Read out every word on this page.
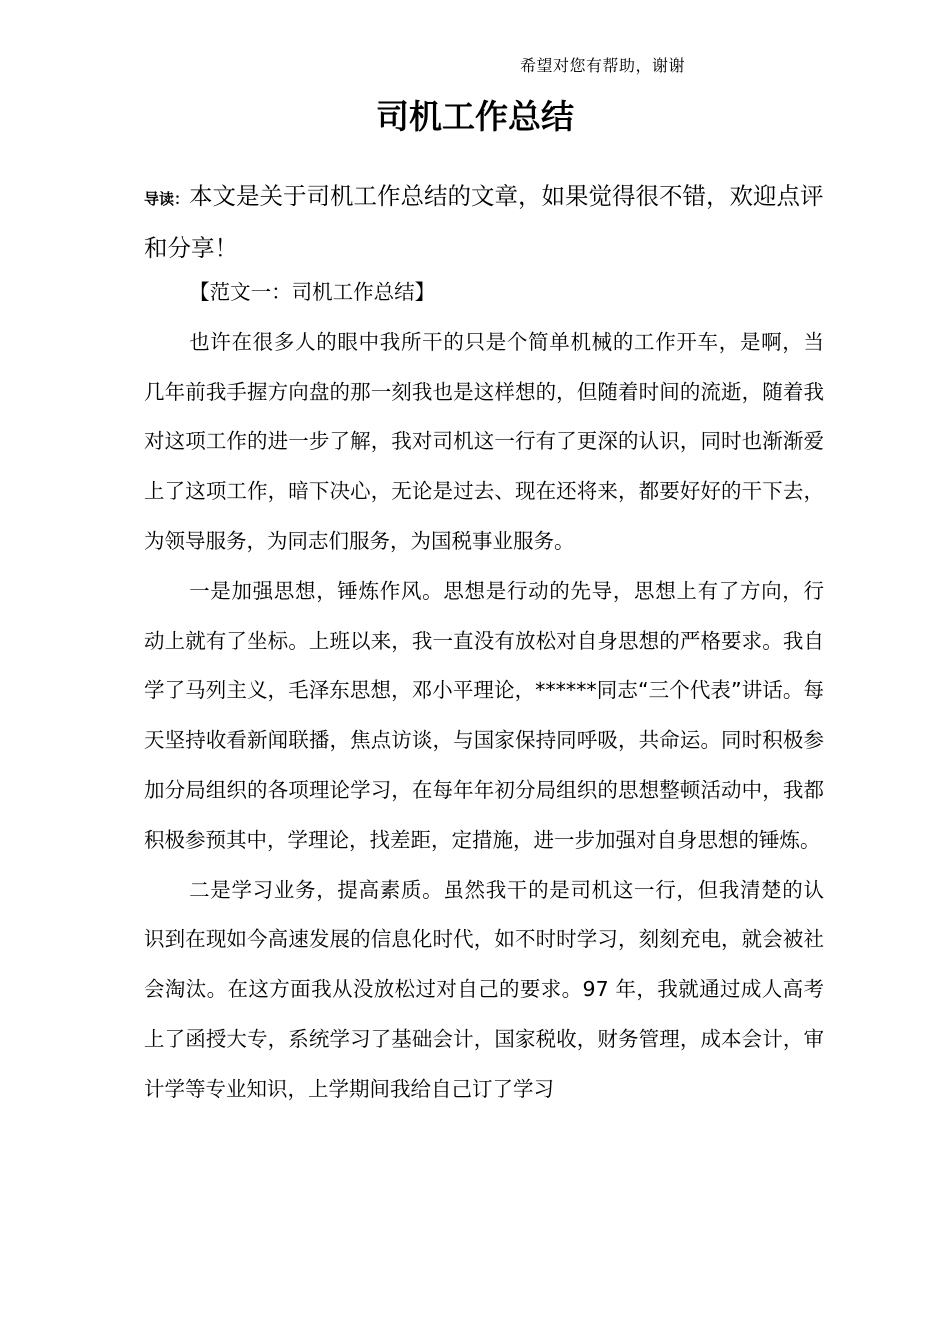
希望对您有帮助，谢谢
司机工作总结

导读：本文是关于司机工作总结的文章，如果觉得很不错，欢迎点评和分享！

【范文一：司机工作总结】

也许在很多人的眼中我所干的只是个简单机械的工作开车，是啊，当几年前我手握方向盘的那一刻我也是这样想的，但随着时间的流逝，随着我对这项工作的进一步了解，我对司机这一行有了更深的认识，同时也渐渐爱上了这项工作，暗下决心，无论是过去、现在还将来，都要好好的干下去，为领导服务，为同志们服务，为国税事业服务。

一是加强思想，锤炼作风。思想是行动的先导，思想上有了方向，行动上就有了坐标。上班以来，我一直没有放松对自身思想的严格要求。我自学了马列主义，毛泽东思想，邓小平理论，******同志“三个代表”讲话。每天坚持收看新闻联播，焦点访谈，与国家保持同呼吸，共命运。同时积极参加分局组织的各项理论学习，在每年年初分局组织的思想整顿活动中，我都积极参预其中，学理论，找差距，定措施，进一步加强对自身思想的锤炼。

二是学习业务，提高素质。虽然我干的是司机这一行，但我清楚的认识到在现如今高速发展的信息化时代，如不时时学习，刻刻充电，就会被社会淘汰。在这方面我从没放松过对自己的要求。97 年，我就通过成人高考上了函授大专，系统学习了基础会计，国家税收，财务管理，成本会计，审计学等专业知识，上学期间我给自己订了学习
